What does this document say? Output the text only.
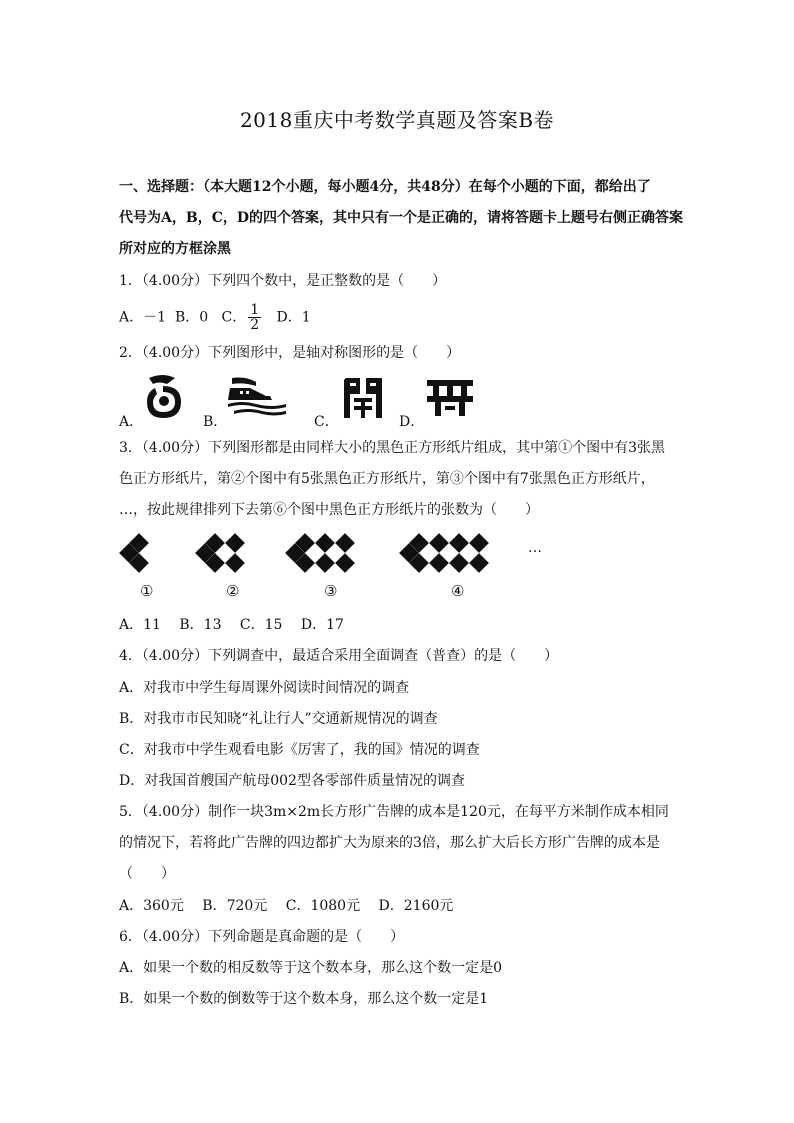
2018重庆中考数学真题及答案B卷
一、选择题：（本大题12个小题，每小题4分，共48分）在每个小题的下面，都给出了
代号为A，B，C，D的四个答案，其中只有一个是正确的，请将答题卡上题号右侧正确答案
所对应的方框涂黑
1．（4.00分）下列四个数中，是正整数的是（　　）
A．－1 B．0 C． $\frac{1}{2}$ D．1
2．（4.00分）下列图形中，是轴对称图形的是（　　）
A．	B．	C．	D．
3．（4.00分）下列图形都是由同样大小的黑色正方形纸片组成，其中第①个图中有3张黑
色正方形纸片，第②个图中有5张黑色正方形纸片，第③个图中有7张黑色正方形纸片，
…，按此规律排列下去第⑥个图中黑色正方形纸片的张数为（　　）
…
①	②	③	④
A．11　 B．13　 C．15　 D．17
4．（4.00分）下列调查中，最适合采用全面调查（普查）的是（　　）
A．对我市中学生每周课外阅读时间情况的调查
B．对我市市民知晓“礼让行人”交通新规情况的调查
C．对我市中学生观看电影《厉害了，我的国》情况的调查
D．对我国首艘国产航母002型各零部件质量情况的调查
5．（4.00分）制作一块3m×2m长方形广告牌的成本是120元，在每平方米制作成本相同
的情况下，若将此广告牌的四边都扩大为原来的3倍，那么扩大后长方形广告牌的成本是
（　　）
A．360元　 B．720元　 C．1080元　 D．2160元
6．（4.00分）下列命题是真命题的是（　　）
A．如果一个数的相反数等于这个数本身，那么这个数一定是0
B．如果一个数的倒数等于这个数本身，那么这个数一定是1
